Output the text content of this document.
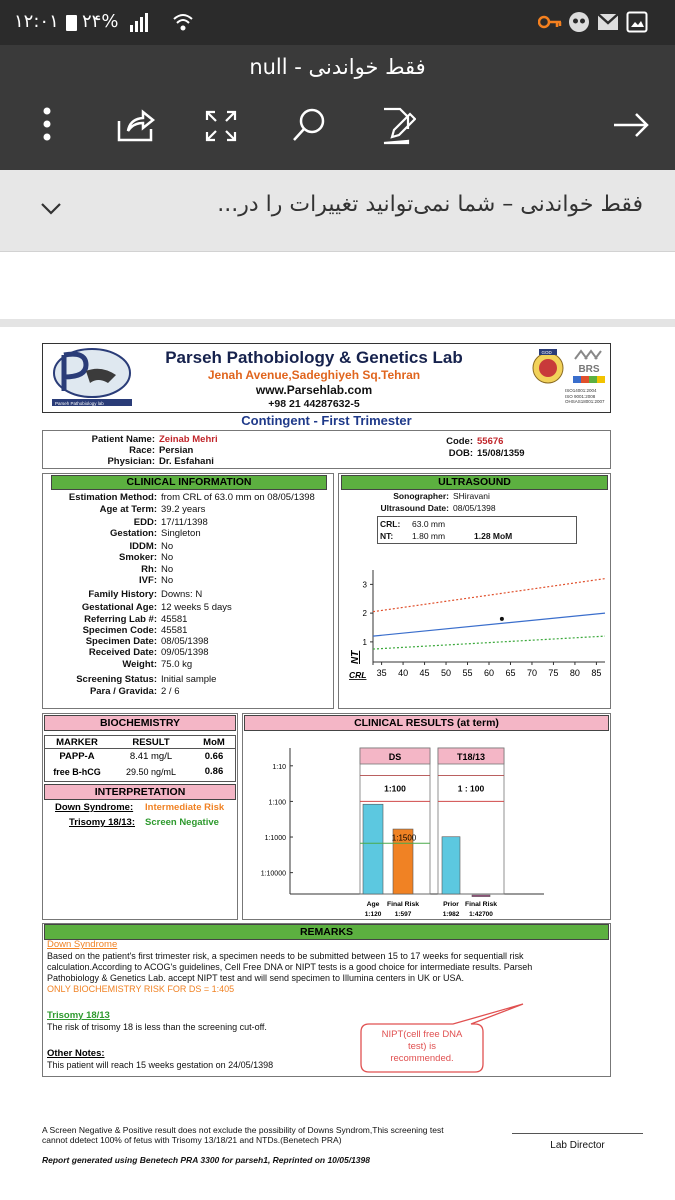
۱۲:۰۱ ۲۴%
null - فقط خواندنی
فقط خواندنی – شما نمی‌توانید تغییرات را در...
Parseh Pathobiology lab
Parseh Pathobiology & Genetics Lab
Jenah Avenue,Sadeghiyeh Sq.Tehran
www.Parsehlab.com
+98 21 44287632-5
GOD
BRS
ISO14001:2004
ISO 9001:2008
OHSAS18001:2007
Contingent - First Trimester
Patient Name: Zeinab Mehri
Race: Persian
Physician: Dr. Esfahani
Code: 55676
DOB: 15/08/1359
CLINICAL INFORMATION
Estimation Method: from CRL of 63.0 mm on 08/05/1398
Age at Term: 39.2 years
EDD: 17/11/1398
Gestation: Singleton
IDDM: No
Smoker: No
Rh: No
IVF: No
Family History: Downs: N
Gestational Age: 12 weeks 5 days
Referring Lab #: 45581
Specimen Code: 45581
Specimen Date: 08/05/1398
Received Date: 09/05/1398
Weight: 75.0 kg
Screening Status: Initial sample
Para / Gravida: 2 / 6
ULTRASOUND
Sonographer: SHiravani
Ultrasound Date: 08/05/1398
CRL:	63.0 mm
NT:	1.80 mm	1.28 MoM
1
2
3
35 40 45 50 55 60 65 70 75 80 85
NT
CRL
BIOCHEMISTRY
MARKER	RESULT	MoM
PAPP-A	8.41 mg/L	0.66
free B-hCG	29.50 ng/mL	0.86
INTERPRETATION
Down Syndrome: Intermediate Risk
Trisomy 18/13: Screen Negative
CLINICAL RESULTS (at term)
1:10
1:100
1:1000
1:10000
DS
1:100
Age
1:120
Final Risk
1:597
T18/13
1 : 100
Prior
1:982
Final Risk
1:42700
1:1500
REMARKS
Down Syndrome
Based on the patient's first trimester risk, a specimen needs to be submitted between 15 to 17 weeks for sequentiall risk
calculation.According to ACOG's guidelines, Cell Free DNA or NIPT tests is a good choice for intermediate results. Parseh
Pathobiology & Genetics Lab. accept NIPT test and will send specimen to Illumina centers in UK or USA.
ONLY BIOCHEMISTRY RISK FOR DS = 1:405
Trisomy 18/13
The risk of trisomy 18 is less than the screening cut-off.
Other Notes:
This patient will reach 15 weeks gestation on 24/05/1398
NIPT(cell free DNA
test) is
recommended.
A Screen Negative & Positive result does not exclude the possibility of Downs Syndrom,This screening test
cannot ddetect 100% of fetus with Trisomy 13/18/21 and NTDs.(Benetech PRA)	Lab Director
Report generated using Benetech PRA 3300 for parseh1, Reprinted on 10/05/1398
